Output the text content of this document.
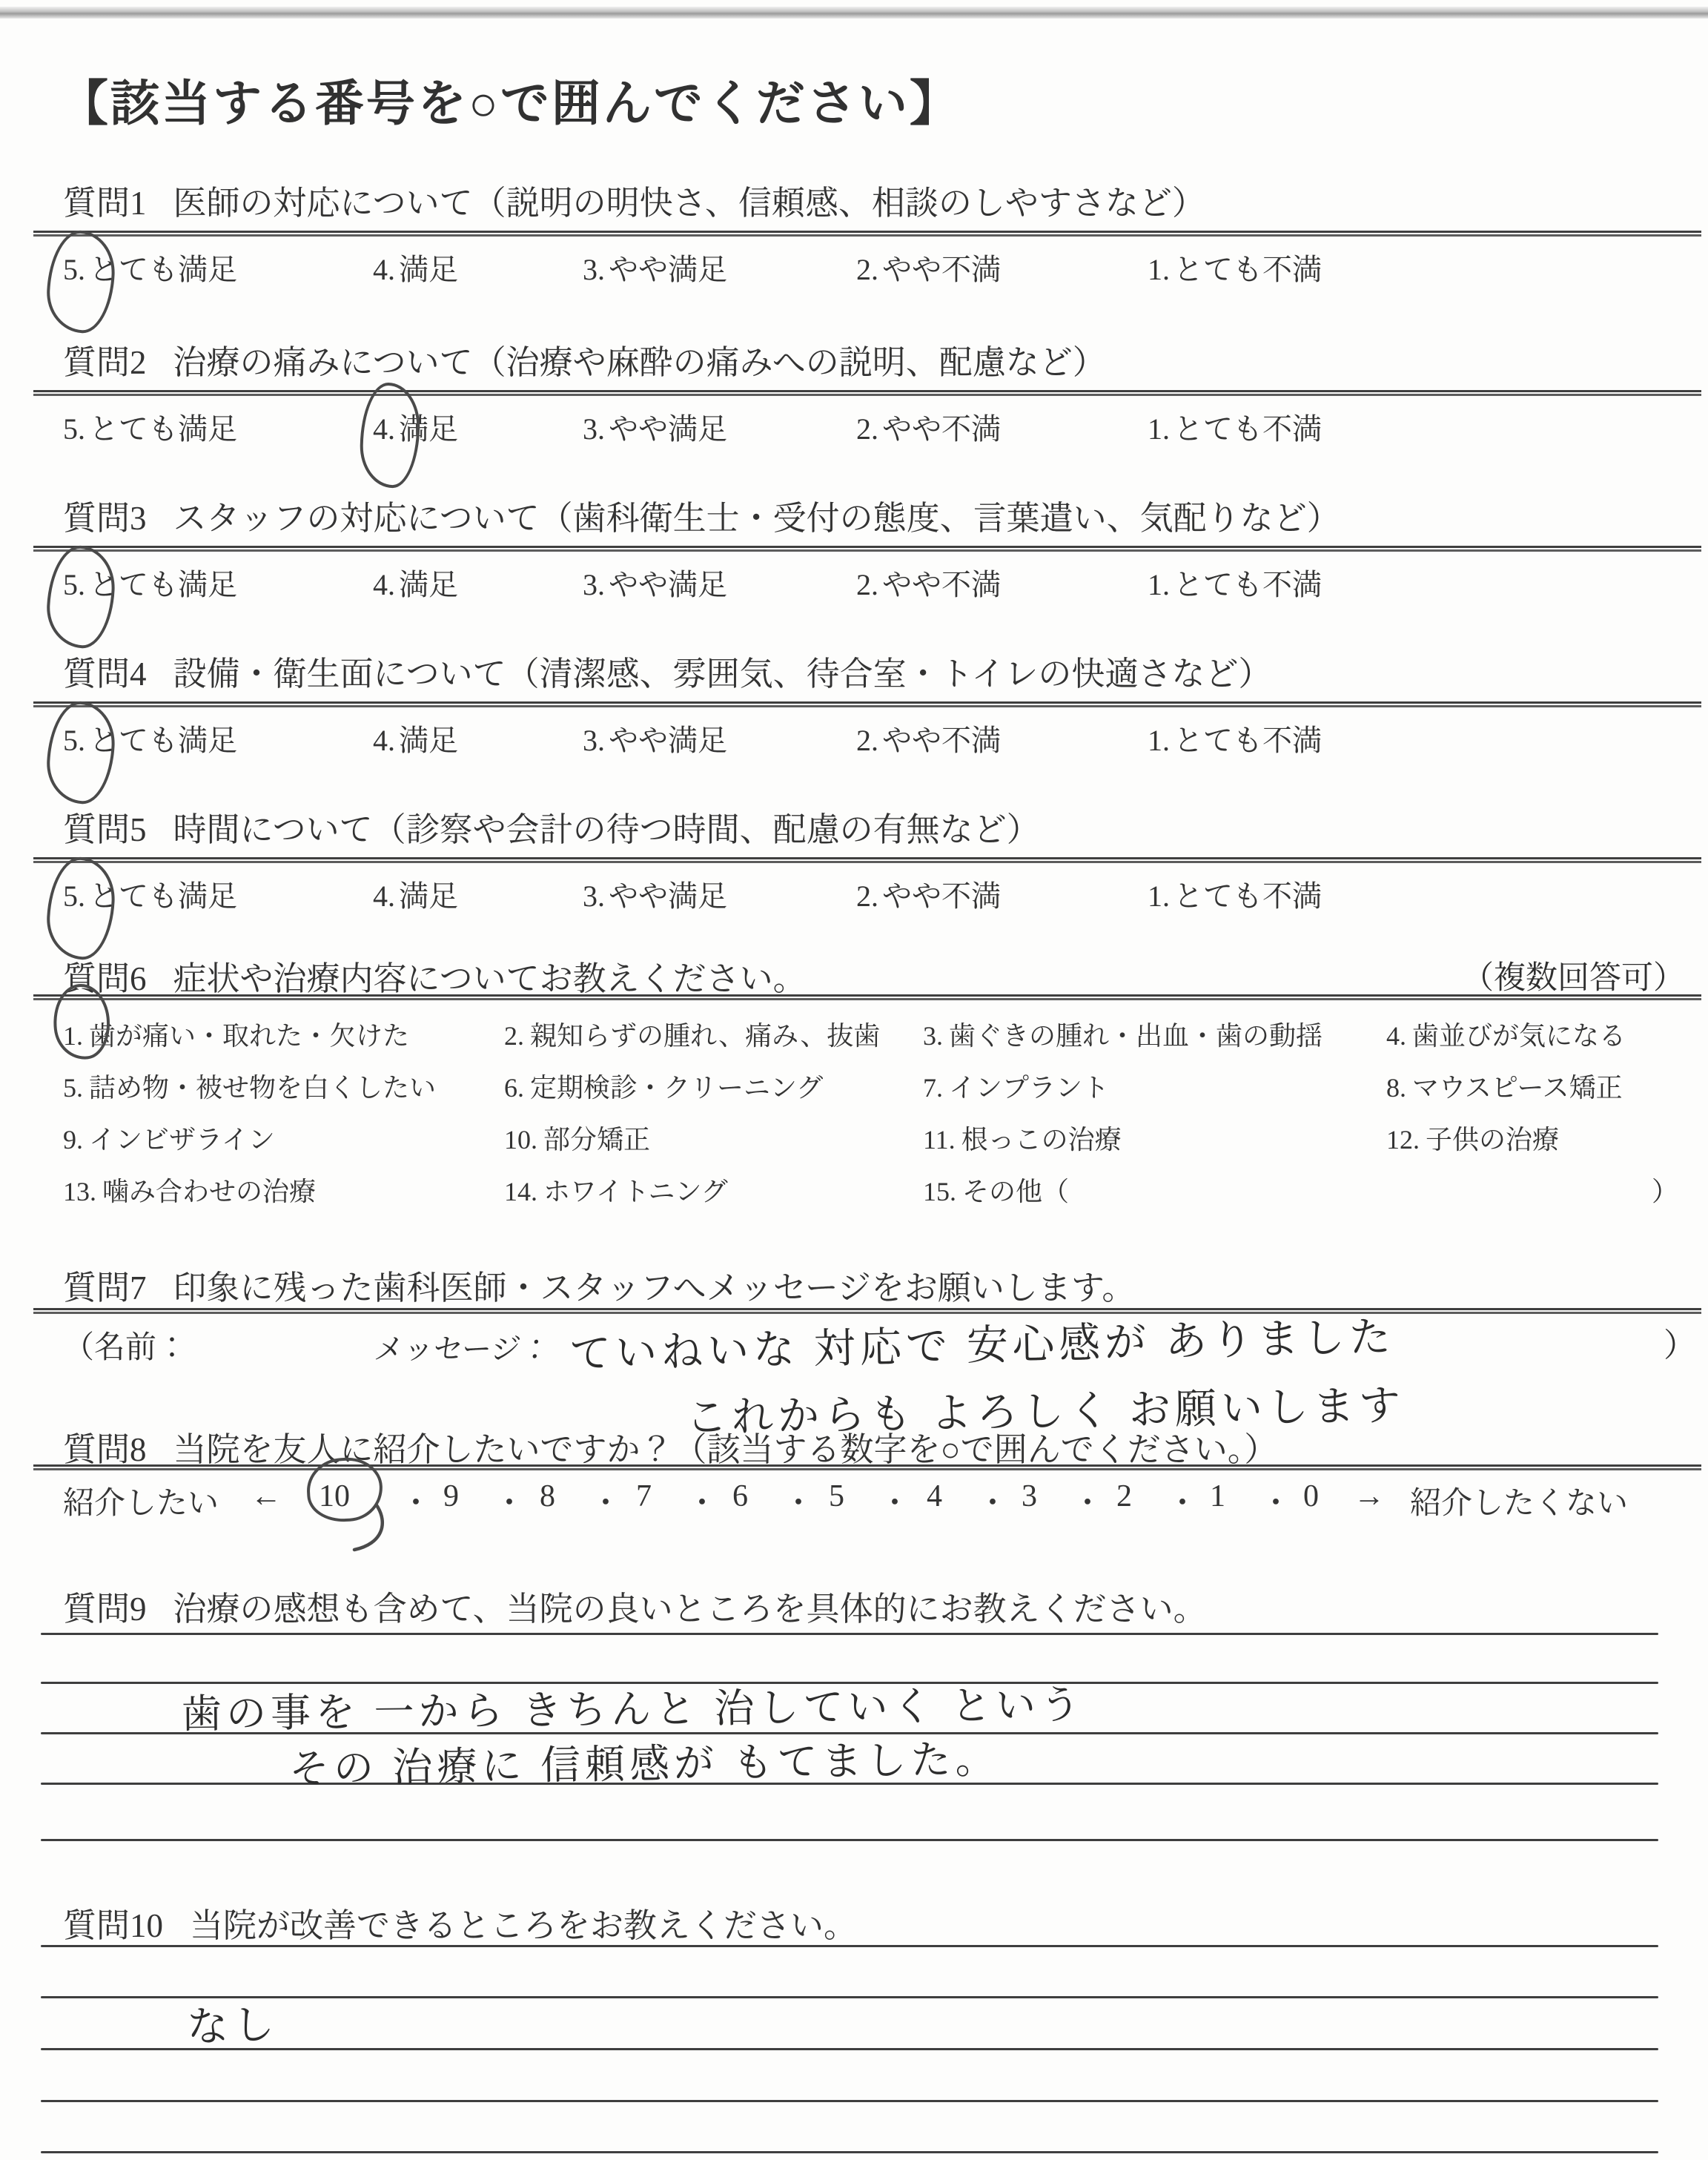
【該当する番号を○で囲んでください】
質問1 医師の対応について（説明の明快さ、信頼感、相談のしやすさなど）
5. とても満足	4. 満足	3. やや満足	2. やや不満	1. とても不満
質問2 治療の痛みについて（治療や麻酔の痛みへの説明、配慮など）
5. とても満足	4. 満足	3. やや満足	2. やや不満	1. とても不満
質問3 スタッフの対応について（歯科衛生士・受付の態度、言葉遣い、気配りなど）
5. とても満足	4. 満足	3. やや満足	2. やや不満	1. とても不満
質問4 設備・衛生面について（清潔感、雰囲気、待合室・トイレの快適さなど）
5. とても満足	4. 満足	3. やや満足	2. やや不満	1. とても不満
質問5 時間について（診察や会計の待つ時間、配慮の有無など）
5. とても満足	4. 満足	3. やや満足	2. やや不満	1. とても不満
質問6 症状や治療内容についてお教えください。	（複数回答可）
1. 歯が痛い・取れた・欠けた	2. 親知らずの腫れ、痛み、抜歯 3. 歯ぐきの腫れ・出血・歯の動揺 4. 歯並びが気になる
5. 詰め物・被せ物を白くしたい	6. 定期検診・クリーニング	7. インプラント	8. マウスピース矯正
9. インビザライン	10. 部分矯正	11. 根っこの治療	12. 子供の治療
13. 噛み合わせの治療	14. ホワイトニング	15. その他（	）
質問7 印象に残った歯科医師・スタッフへメッセージをお願いします。
（名前：	メッセージ：	）
ていねいな 対応で 安心感が ありました
これからも よろしく お願いします
質問8 当院を友人に紹介したいですか？（該当する数字を○で囲んでください。）
紹介したい ←	→ 紹介したくない
10 ・ 9 ・ 8 ・ 7 ・ 6 ・ 5 ・ 4 ・ 3 ・ 2 ・ 1 ・ 0
質問9 治療の感想も含めて、当院の良いところを具体的にお教えください。
歯の事を 一から きちんと 治していく という
その 治療に 信頼感が もてました。
質問10 当院が改善できるところをお教えください。
なし
